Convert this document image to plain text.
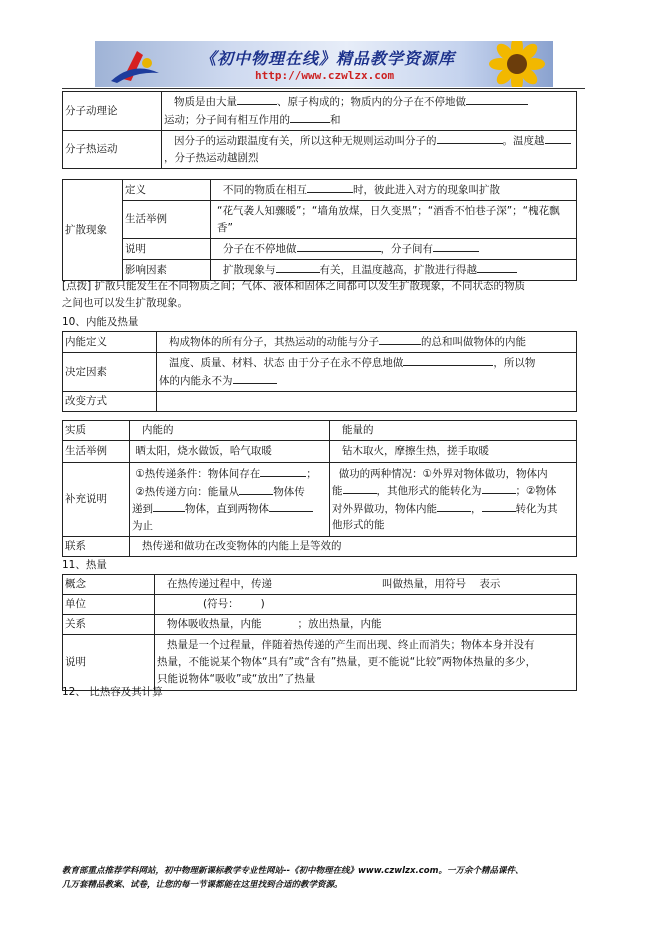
《初中物理在线》精品教学资源库
http://www.czwlzx.com
分子动理论	物质是由大量 、原子构成的；物质内的分子在不停地做
运动；分子间有相互作用的 和
分子热运动	因分子的运动跟温度有关，所以这种无规则运动叫分子的 。温度越，分子热运动越剧烈
扩散现象	定义	不同的物质在相互 时，彼此进入对方的现象叫扩散
	生活举例	“花气袭人知骤暖”；“墙角放煤，日久变黑”；“酒香不怕巷子深”；“槐花飘香”
	说明	分子在不停地做 ，分子间有
	影响因素	扩散现象与 有关，且温度越高，扩散进行得越
[点拨] 扩散只能发生在不同物质之间；气体、液体和固体之间都可以发生扩散现象，不同状态的物质
之间也可以发生扩散现象。
10、内能及热量
内能定义	构成物体的所有分子，其热运动的动能与分子 的总和叫做物体的内能
决定因素	温度、质量、材料、状态 由于分子在永不停息地做 ，所以物
体的内能永不为
改变方式	
实质	内能的	能量的
生活举例	晒太阳，烧水做饭，哈气取暖	钻木取火，摩擦生热，搓手取暖
补充说明	①热传递条件：物体间存在 ；
②热传递方向：能量从 物体传
递到 物体，直到两物体
为止	做功的两种情况：①外界对物体做功，物体内
能 ，其他形式的能转化为 ；②物体
对外界做功，物体内能 ， 转化为其
他形式的能
联系	热传递和做功在改变物体的内能上是等效的	
11、热量
概念	在热传递过程中，传递 叫做热量，用符号 表示
单位	(符号： )
关系	物体吸收热量，内能 ；放出热量，内能
说明	热量是一个过程量，伴随着热传递的产生而出现、终止而消失；物体本身并没有
热量，不能说某个物体“具有”或“含有”热量，更不能说“比较”两物体热量的多少，
只能说物体“吸收”或“放出”了热量
12、 比热容及其计算
教育部重点推荐学科网站，初中物理新课标教学专业性网站--《初中物理在线》www.czwlzx.com。一万余个精品课件、
几万套精品教案、试卷，让您的每一节课都能在这里找到合适的教学资源。
